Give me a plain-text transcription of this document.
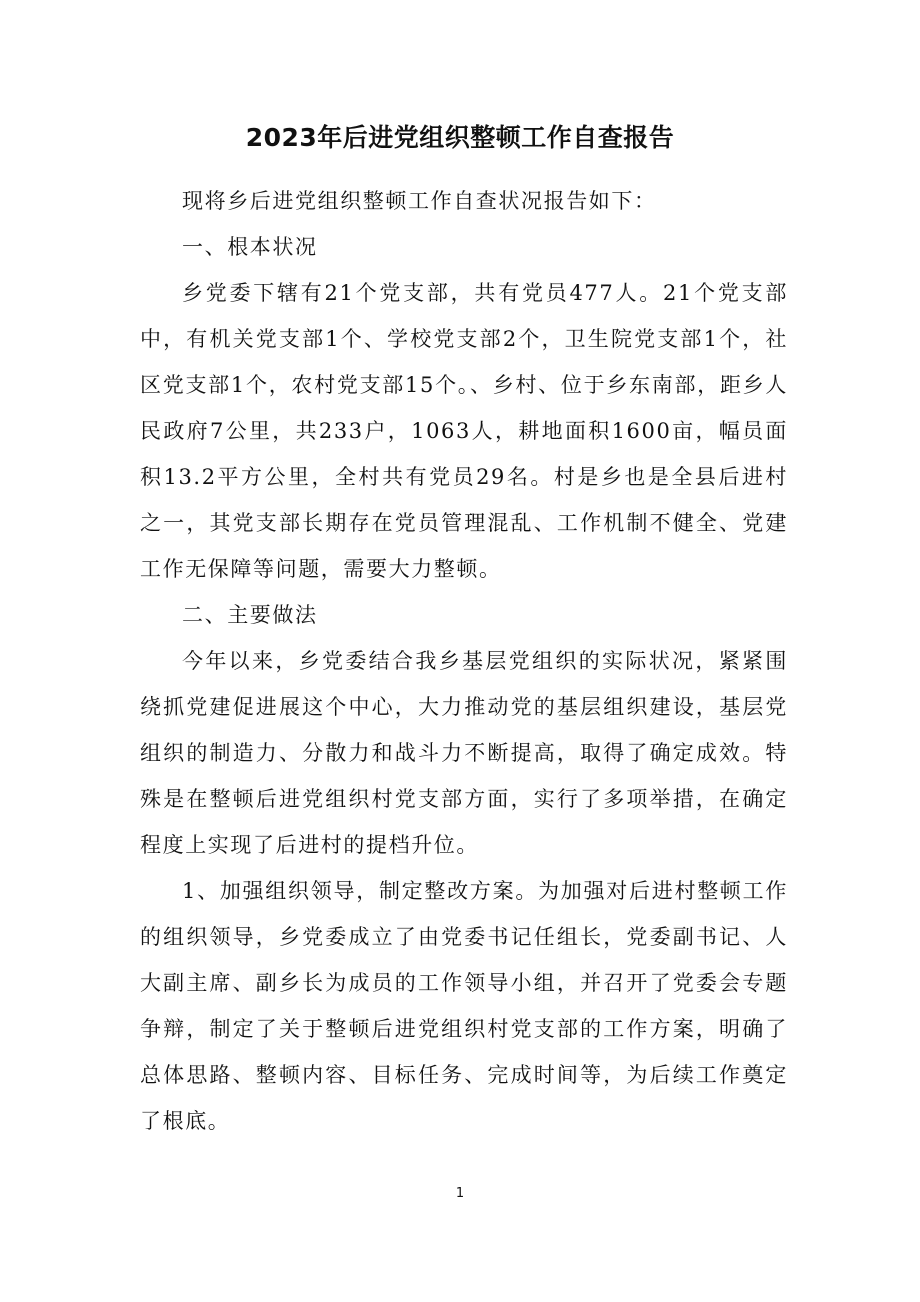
2023年后进党组织整顿工作自查报告

现将乡后进党组织整顿工作自查状况报告如下：

一、根本状况

乡党委下辖有21个党支部，共有党员477人。21个党支部中，有机关党支部1个、学校党支部2个，卫生院党支部1个，社区党支部1个，农村党支部15个。、乡村、位于乡东南部，距乡人民政府7公里，共233户，1063人，耕地面积1600亩，幅员面积13.2平方公里，全村共有党员29名。村是乡也是全县后进村之一，其党支部长期存在党员管理混乱、工作机制不健全、党建工作无保障等问题，需要大力整顿。

二、主要做法

今年以来，乡党委结合我乡基层党组织的实际状况，紧紧围绕抓党建促进展这个中心，大力推动党的基层组织建设，基层党组织的制造力、分散力和战斗力不断提高，取得了确定成效。特殊是在整顿后进党组织村党支部方面，实行了多项举措，在确定程度上实现了后进村的提档升位。

1、加强组织领导，制定整改方案。为加强对后进村整顿工作的组织领导，乡党委成立了由党委书记任组长，党委副书记、人大副主席、副乡长为成员的工作领导小组，并召开了党委会专题争辩，制定了关于整顿后进党组织村党支部的工作方案，明确了总体思路、整顿内容、目标任务、完成时间等，为后续工作奠定了根底。

1
